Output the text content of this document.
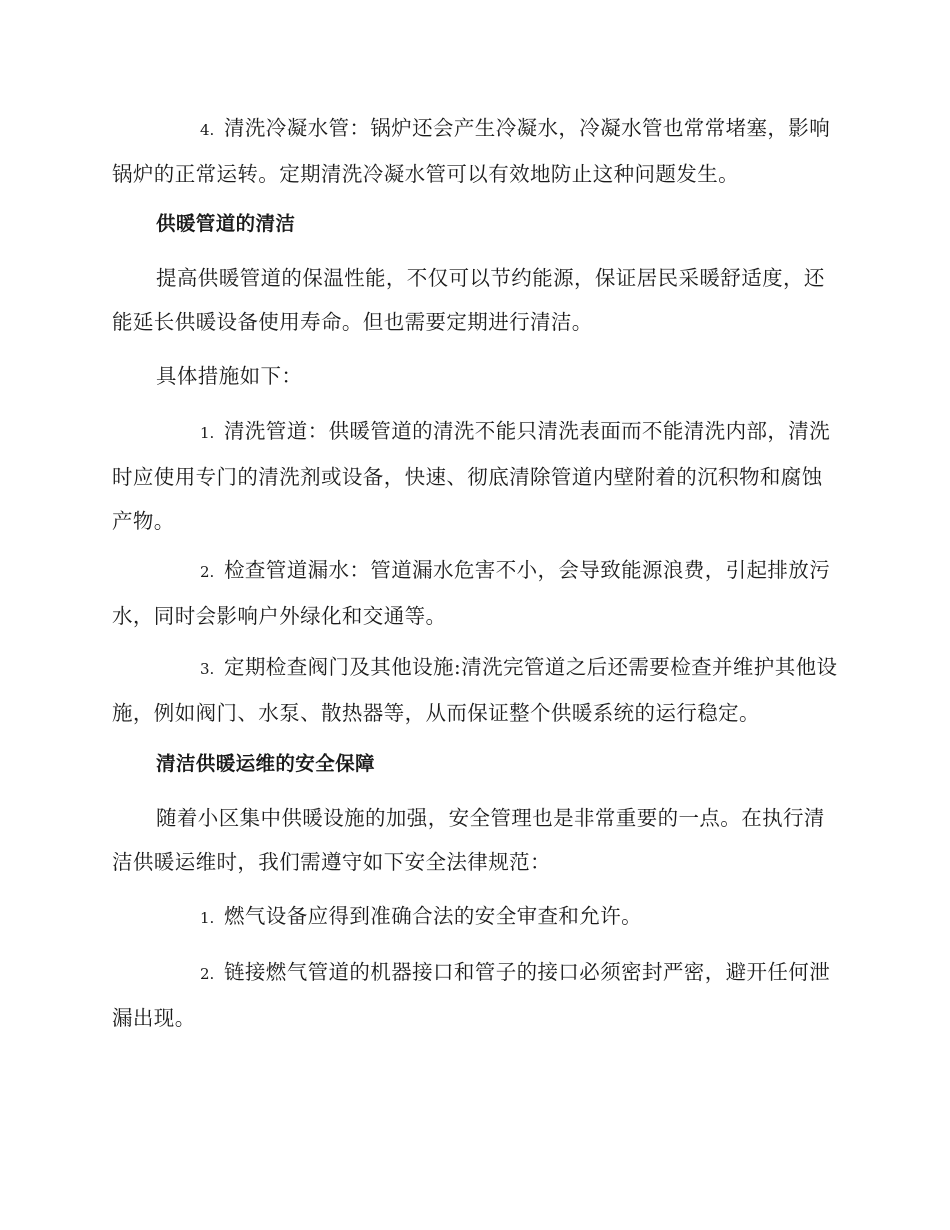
4. 清洗冷凝水管：锅炉还会产生冷凝水，冷凝水管也常常堵塞，影响锅炉的正常运转。定期清洗冷凝水管可以有效地防止这种问题发生。
供暖管道的清洁
提高供暖管道的保温性能，不仅可以节约能源，保证居民采暖舒适度，还能延长供暖设备使用寿命。但也需要定期进行清洁。
具体措施如下：
1. 清洗管道：供暖管道的清洗不能只清洗表面而不能清洗内部，清洗时应使用专门的清洗剂或设备，快速、彻底清除管道内壁附着的沉积物和腐蚀产物。
2. 检查管道漏水：管道漏水危害不小，会导致能源浪费，引起排放污水，同时会影响户外绿化和交通等。
3. 定期检查阀门及其他设施:清洗完管道之后还需要检查并维护其他设施，例如阀门、水泵、散热器等，从而保证整个供暖系统的运行稳定。
清洁供暖运维的安全保障
随着小区集中供暖设施的加强，安全管理也是非常重要的一点。在执行清洁供暖运维时，我们需遵守如下安全法律规范：
1. 燃气设备应得到准确合法的安全审查和允许。
2. 链接燃气管道的机器接口和管子的接口必须密封严密，避开任何泄漏出现。
